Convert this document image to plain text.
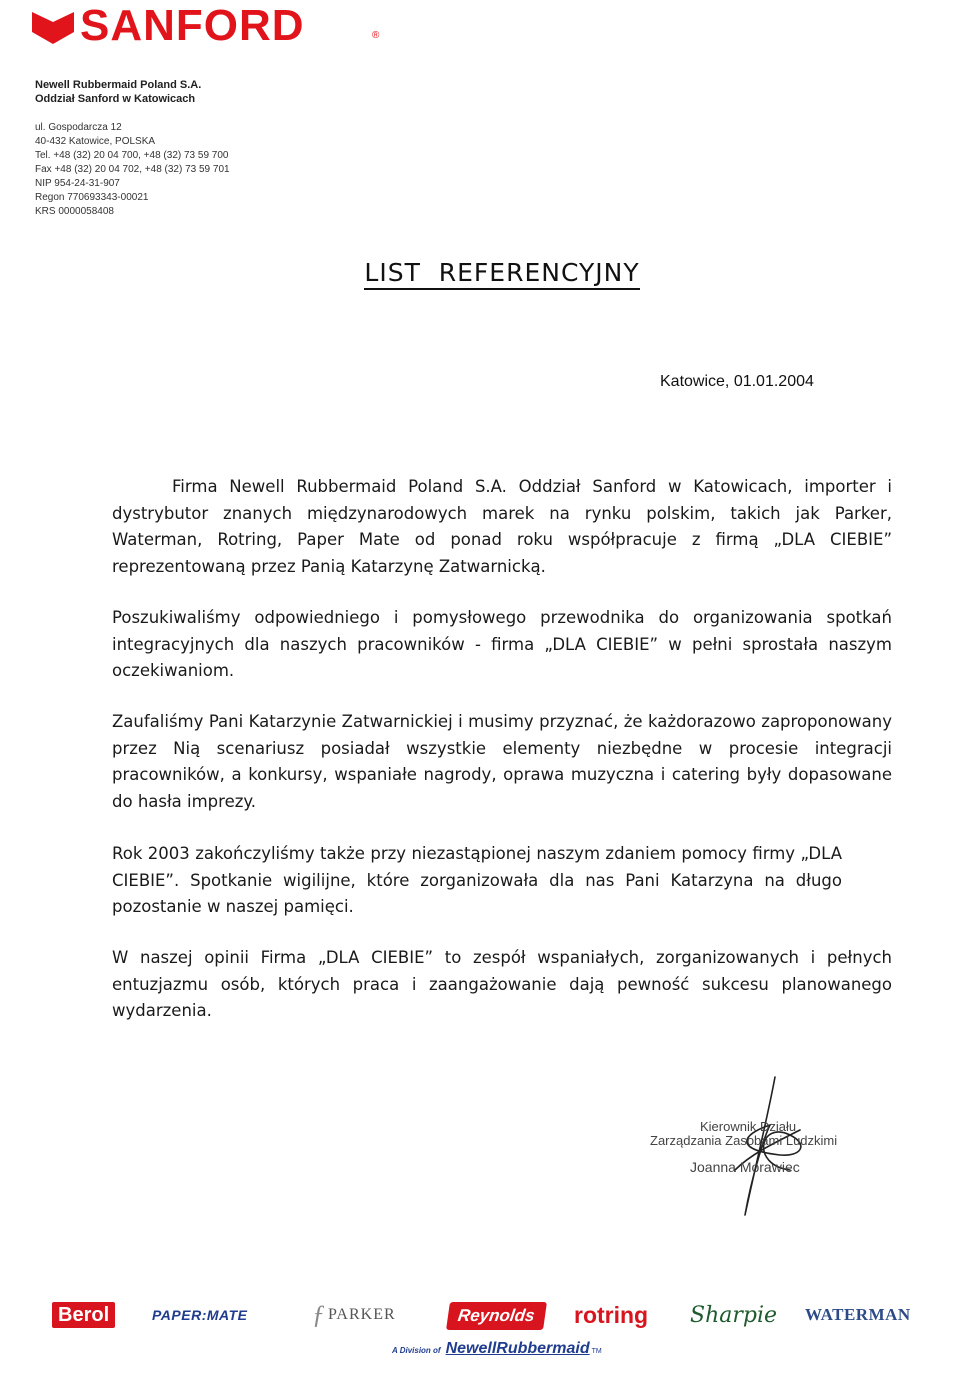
SANFORD	®
Newell Rubbermaid Poland S.A.
Oddział Sanford w Katowicach
ul. Gospodarcza 12
40-432 Katowice, POLSKA
Tel. +48 (32) 20 04 700, +48 (32) 73 59 700
Fax +48 (32) 20 04 702, +48 (32) 73 59 701
NIP 954-24-31-907
Regon 770693343-00021
KRS 0000058408
LIST  REFERENCYJNY
Katowice, 01.01.2004
Firma Newell Rubbermaid Poland S.A. Oddział Sanford w Katowicach, importer i dystrybutor znanych międzynarodowych marek na rynku polskim, takich jak Parker, Waterman, Rotring, Paper Mate od ponad roku współpracuje z firmą „DLA CIEBIE” reprezentowaną przez Panią Katarzynę Zatwarnicką.
Poszukiwaliśmy odpowiedniego i pomysłowego przewodnika do organizowania spotkań integracyjnych dla naszych pracowników - firma „DLA CIEBIE” w pełni sprostała naszym oczekiwaniom.
Zaufaliśmy Pani Katarzynie Zatwarnickiej i musimy przyznać, że każdorazowo zaproponowany przez Nią scenariusz posiadał wszystkie elementy niezbędne w procesie integracji pracowników, a konkursy, wspaniałe nagrody, oprawa muzyczna i catering były dopasowane do hasła imprezy.
Rok 2003 zakończyliśmy także przy niezastąpionej naszym zdaniem pomocy firmy „DLA CIEBIE”. Spotkanie wigilijne, które zorganizowała dla nas Pani Katarzyna na długo pozostanie w naszej pamięci.
W naszej opinii Firma „DLA CIEBIE” to zespół wspaniałych, zorganizowanych i pełnych entuzjazmu osób, których praca i zaangażowanie dają pewność sukcesu planowanego wydarzenia.
Kierownik Działu
Zarządzania Zasobami Ludzkimi
Joanna Morawiec
Berol	PAPER:MATE ƒ PARKER	Reynolds	rotring Sharpie WATERMAN
A Division of NewellRubbermaid TM
